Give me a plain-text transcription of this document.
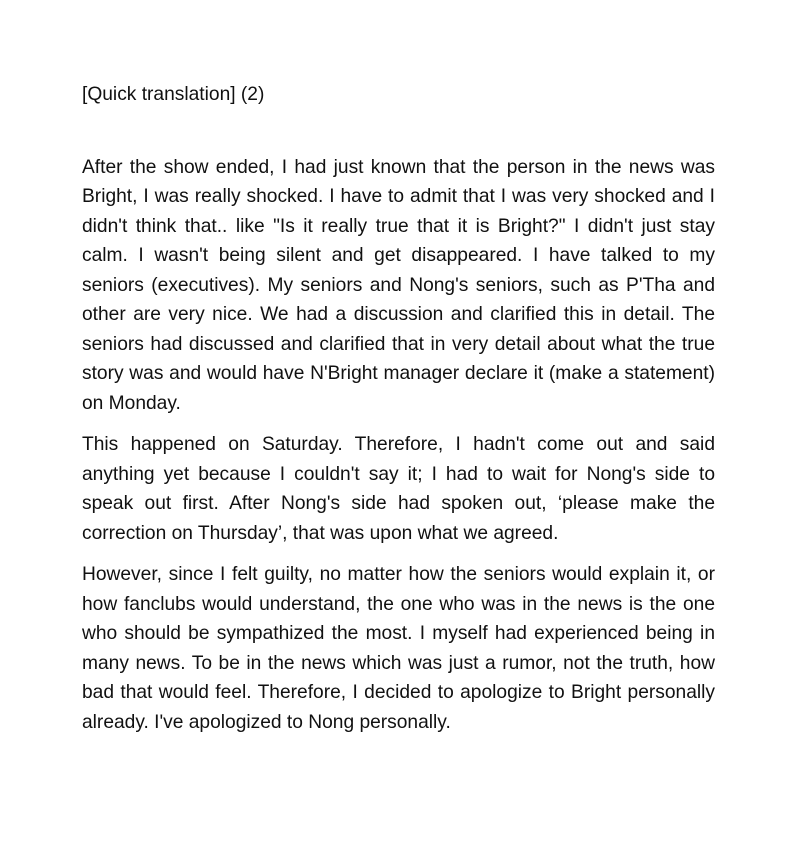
[Quick translation] (2)

After the show ended, I had just known that the person in the news was Bright, I was really shocked. I have to admit that I was very shocked and I didn't think that.. like "Is it really true that it is Bright?" I didn't just stay calm. I wasn't being silent and get disappeared. I have talked to my seniors (executives). My seniors and Nong's seniors, such as P'Tha and other are very nice. We had a discussion and clarified this in detail. The seniors had discussed and clarified that in very detail about what the true story was and would have N'Bright manager declare it (make a statement) on Monday.

This happened on Saturday. Therefore, I hadn't come out and said anything yet because I couldn't say it; I had to wait for Nong's side to speak out first. After Nong's side had spoken out, ‘please make the correction on Thursday’, that was upon what we agreed.

However, since I felt guilty, no matter how the seniors would explain it, or how fanclubs would understand, the one who was in the news is the one who should be sympathized the most. I myself had experienced being in many news. To be in the news which was just a rumor, not the truth, how bad that would feel. Therefore, I decided to apologize to Bright personally already. I've apologized to Nong personally.
